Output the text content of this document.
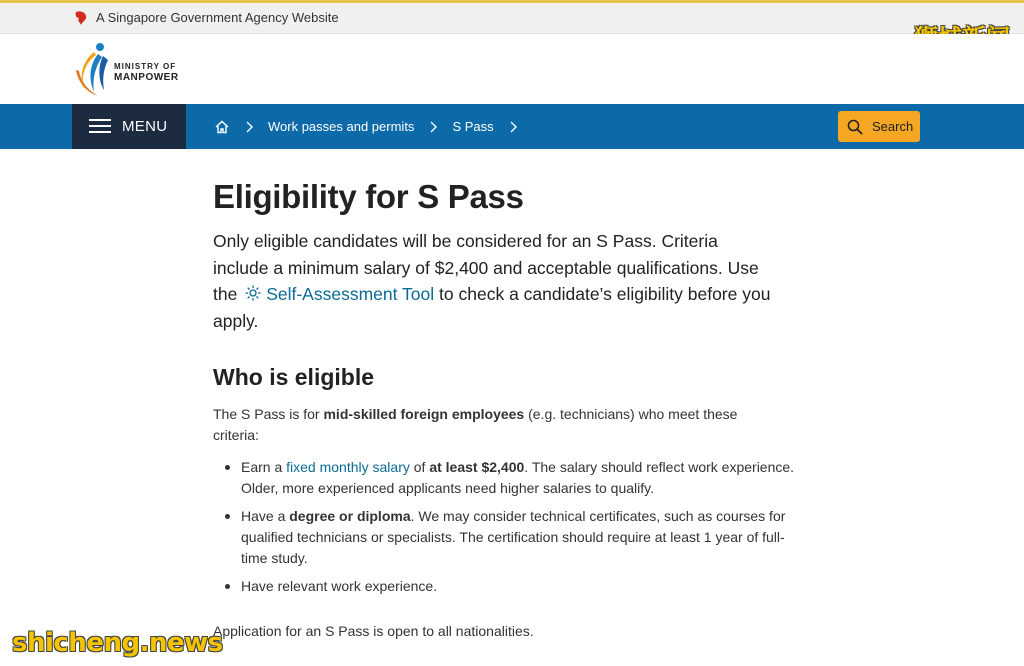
A Singapore Government Agency Website
MINISTRY OF
MANPOWER
MENU	Work passes and permits	S Pass	Search
Eligibility for S Pass

Only eligible candidates will be considered for an S Pass. Criteria include a minimum salary of $2,400 and acceptable qualifications. Use the Self-Assessment Tool to check a candidate’s eligibility before you apply.

Who is eligible

The S Pass is for mid-skilled foreign employees (e.g. technicians) who meet these criteria:

Earn a fixed monthly salary of at least $2,400. The salary should reflect work experience. Older, more experienced applicants need higher salaries to qualify.
Have a degree or diploma. We may consider technical certificates, such as courses for qualified technicians or specialists. The certification should require at least 1 year of full-time study.
Have relevant work experience.

Application for an S Pass is open to all nationalities.

shicheng.news
